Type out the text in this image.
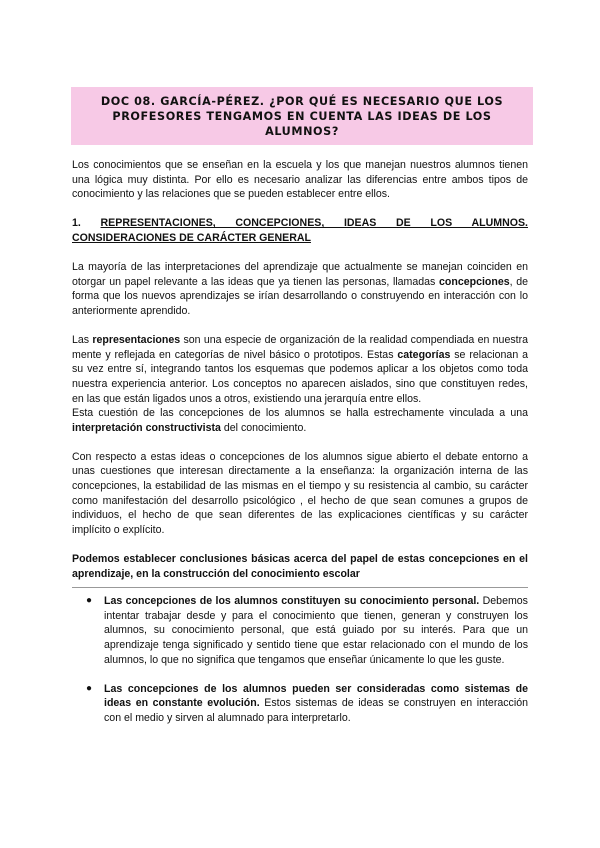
DOC 08. GARCÍA-PÉREZ. ¿POR QUÉ ES NECESARIO QUE LOS PROFESORES TENGAMOS EN CUENTA LAS IDEAS DE LOS ALUMNOS?

Los conocimientos que se enseñan en la escuela y los que manejan nuestros alumnos tienen una lógica muy distinta. Por ello es necesario analizar las diferencias entre ambos tipos de conocimiento y las relaciones que se pueden establecer entre ellos.

1. REPRESENTACIONES, CONCEPCIONES, IDEAS DE LOS ALUMNOS. CONSIDERACIONES DE CARÁCTER GENERAL

La mayoría de las interpretaciones del aprendizaje que actualmente se manejan coinciden en otorgar un papel relevante a las ideas que ya tienen las personas, llamadas concepciones, de forma que los nuevos aprendizajes se irían desarrollando o construyendo en interacción con lo anteriormente aprendido.

Las representaciones son una especie de organización de la realidad compendiada en nuestra mente y reflejada en categorías de nivel básico o prototipos. Estas categorías se relacionan a su vez entre sí, integrando tantos los esquemas que podemos aplicar a los objetos como toda nuestra experiencia anterior. Los conceptos no aparecen aislados, sino que constituyen redes, en las que están ligados unos a otros, existiendo una jerarquía entre ellos.

Esta cuestión de las concepciones de los alumnos se halla estrechamente vinculada a una interpretación constructivista del conocimiento.

Con respecto a estas ideas o concepciones de los alumnos sigue abierto el debate entorno a unas cuestiones que interesan directamente a la enseñanza: la organización interna de las concepciones, la estabilidad de las mismas en el tiempo y su resistencia al cambio, su carácter como manifestación del desarrollo psicológico , el hecho de que sean comunes a grupos de individuos, el hecho de que sean diferentes de las explicaciones científicas y su carácter implícito o explícito.

Podemos establecer conclusiones básicas acerca del papel de estas concepciones en el aprendizaje, en la construcción del conocimiento escolar

● Las concepciones de los alumnos constituyen su conocimiento personal. Debemos intentar trabajar desde y para el conocimiento que tienen, generan y construyen los alumnos, su conocimiento personal, que está guiado por su interés. Para que un aprendizaje tenga significado y sentido tiene que estar relacionado con el mundo de los alumnos, lo que no significa que tengamos que enseñar únicamente lo que les guste.

● Las concepciones de los alumnos pueden ser consideradas como sistemas de ideas en constante evolución. Estos sistemas de ideas se construyen en interacción con el medio y sirven al alumnado para interpretarlo.
